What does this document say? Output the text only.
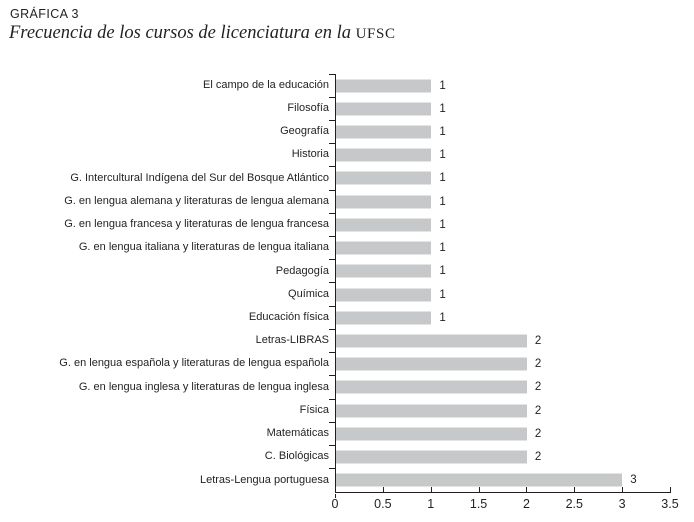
GRÁFICA 3
Frecuencia de los cursos de licenciatura en la UFSC
El campo de la educación	1
Filosofía	1
Geografía	1
Historia	1
G. Intercultural Indígena del Sur del Bosque Atlántico	1
G. en lengua alemana y literaturas de lengua alemana	1
G. en lengua francesa y literaturas de lengua francesa	1
G. en lengua italiana y literaturas de lengua italiana	1
Pedagogía	1
Química	1
Educación física	1
Letras-LIBRAS	2
G. en lengua española y literaturas de lengua española	2
G. en lengua inglesa y literaturas de lengua inglesa	2
Física	2
Matemáticas	2
C. Biológicas	2
Letras-Lengua portuguesa	3
0	0.5	1	1.5	2	2.5	3	3.5
